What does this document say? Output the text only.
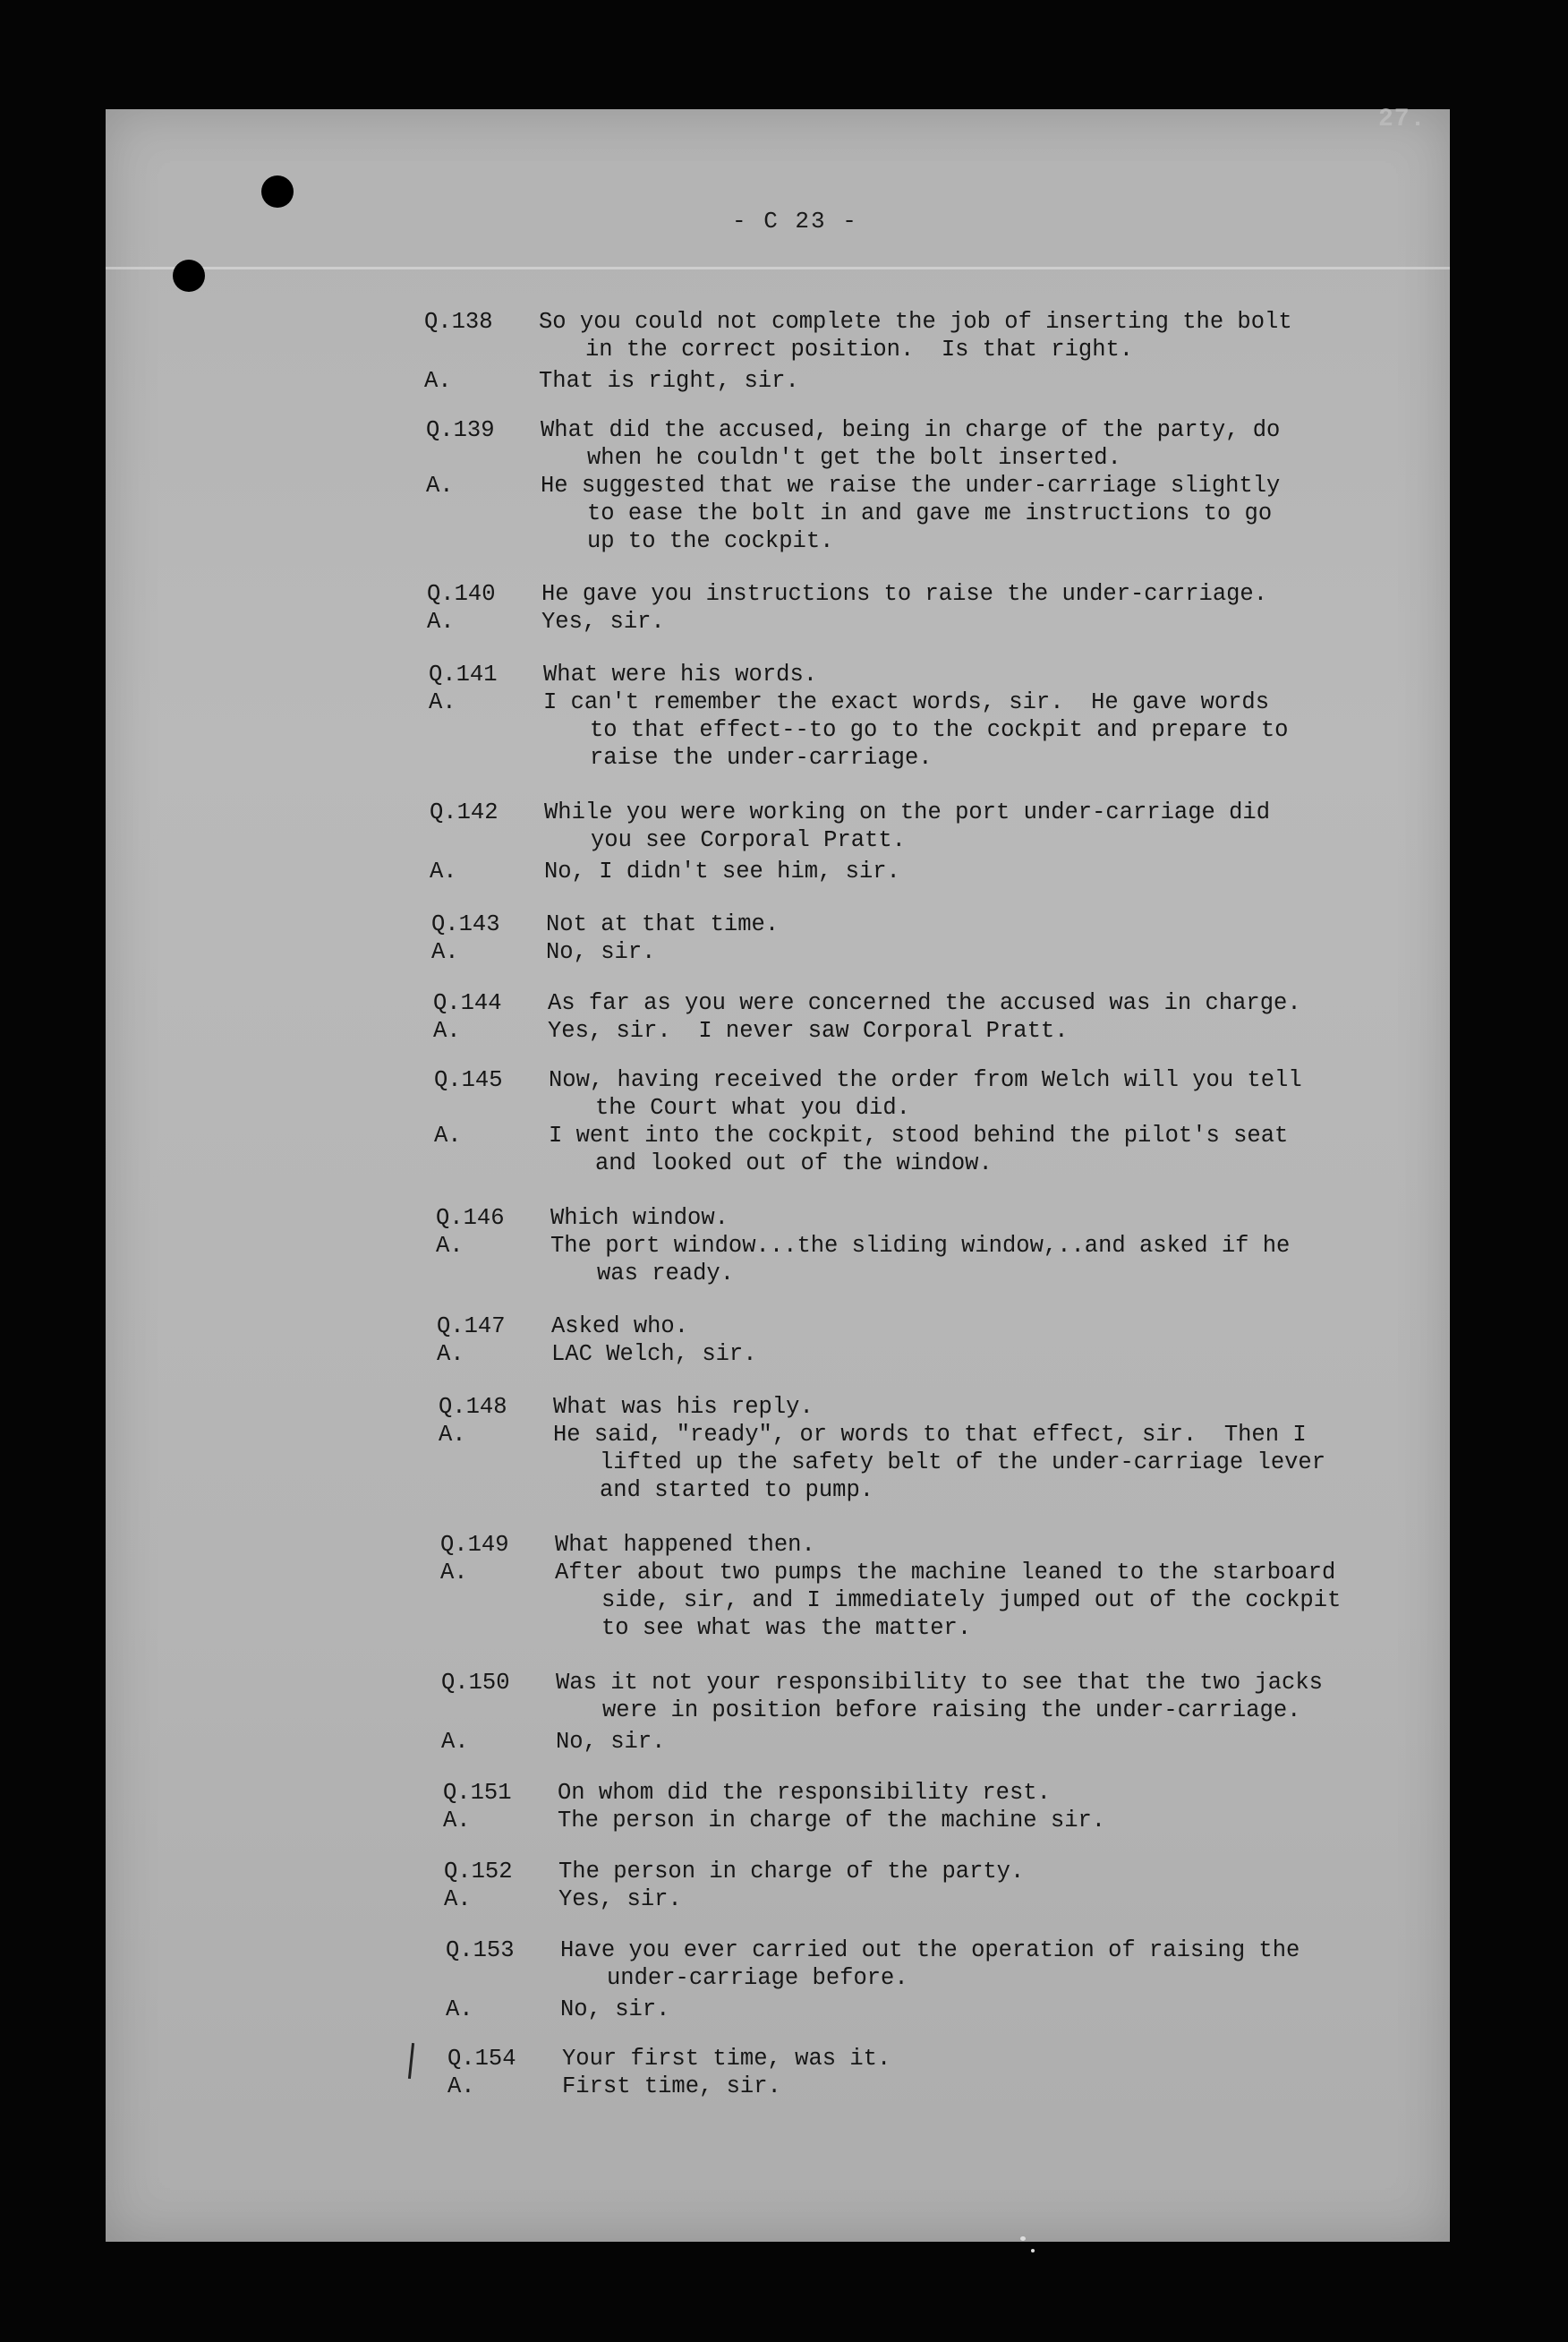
27.
- C 23 -
Q.138	So you could not complete the job of inserting the bolt
in the correct position.  Is that right.
A.	That is right, sir.
Q.139	What did the accused, being in charge of the party, do
when he couldn't get the bolt inserted.
A.	He suggested that we raise the under-carriage slightly
to ease the bolt in and gave me instructions to go
up to the cockpit.
Q.140	He gave you instructions to raise the under-carriage.
A.	Yes, sir.
Q.141	What were his words.
A.	I can't remember the exact words, sir.  He gave words
to that effect--to go to the cockpit and prepare to
raise the under-carriage.
Q.142	While you were working on the port under-carriage did
you see Corporal Pratt.
A.	No, I didn't see him, sir.
Q.143	Not at that time.
A.	No, sir.
Q.144	As far as you were concerned the accused was in charge.
A.	Yes, sir.  I never saw Corporal Pratt.
Q.145	Now, having received the order from Welch will you tell
the Court what you did.
A.	I went into the cockpit, stood behind the pilot's seat
and looked out of the window.
Q.146	Which window.
A.	The port window...the sliding window,..and asked if he
was ready.
Q.147	Asked who.
A.	LAC Welch, sir.
Q.148	What was his reply.
A.	He said, "ready", or words to that effect, sir.  Then I
lifted up the safety belt of the under-carriage lever
and started to pump.
Q.149	What happened then.
A.	After about two pumps the machine leaned to the starboard
side, sir, and I immediately jumped out of the cockpit
to see what was the matter.
Q.150	Was it not your responsibility to see that the two jacks
were in position before raising the under-carriage.
A.	No, sir.
Q.151	On whom did the responsibility rest.
A.	The person in charge of the machine sir.
Q.152	The person in charge of the party.
A.	Yes, sir.
Q.153	Have you ever carried out the operation of raising the
under-carriage before.
A.	No, sir.
Q.154	Your first time, was it.
A.	First time, sir.
